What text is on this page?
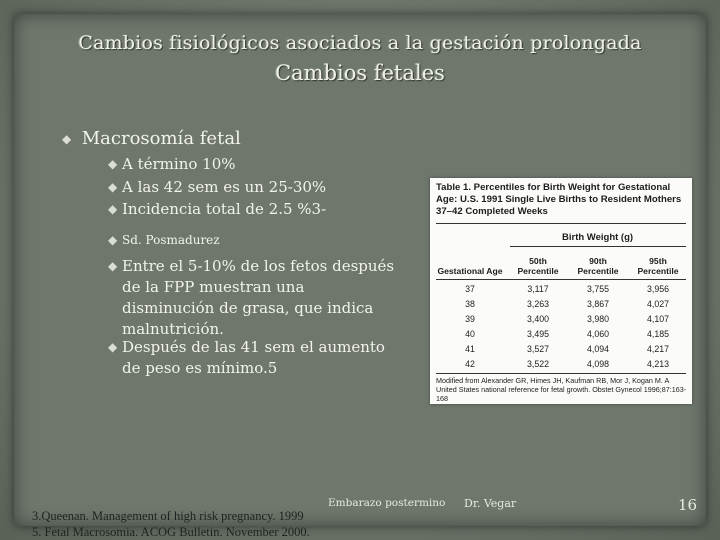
Cambios fisiológicos asociados a la gestación prolongada
Cambios fetales
◆ Macrosomía fetal
◆ A término 10%
◆ A las 42 sem es un 25-30%
◆ Incidencia total de 2.5 %3-
◆ Sd. Posmadurez
◆ Entre el 5-10% de los fetos después de la FPP muestran una disminución de grasa, que indica malnutrición.
◆ Después de las 41 sem el aumento de peso es mínimo.5
Table 1. Percentiles for Birth Weight for Gestational Age: U.S. 1991 Single Live Births to Resident Mothers 37–42 Completed Weeks
Birth Weight (g)
Gestational Age
50th Percentile
90th Percentile
95th Percentile
37	3,117	3,755	3,956
38	3,263	3,867	4,027
39	3,400	3,980	4,107
40	3,495	4,060	4,185
41	3,527	4,094	4,217
42	3,522	4,098	4,213
Modified from Alexander GR, Himes JH, Kaufman RB, Mor J, Kogan M. A United States national reference for fetal growth. Obstet Gynecol 1996;87:163-168
Embarazo postermino Dr. Vegar	16
3.Queenan. Management of high risk pregnancy. 1999
5. Fetal Macrosomia. ACOG Bulletin. November 2000.
